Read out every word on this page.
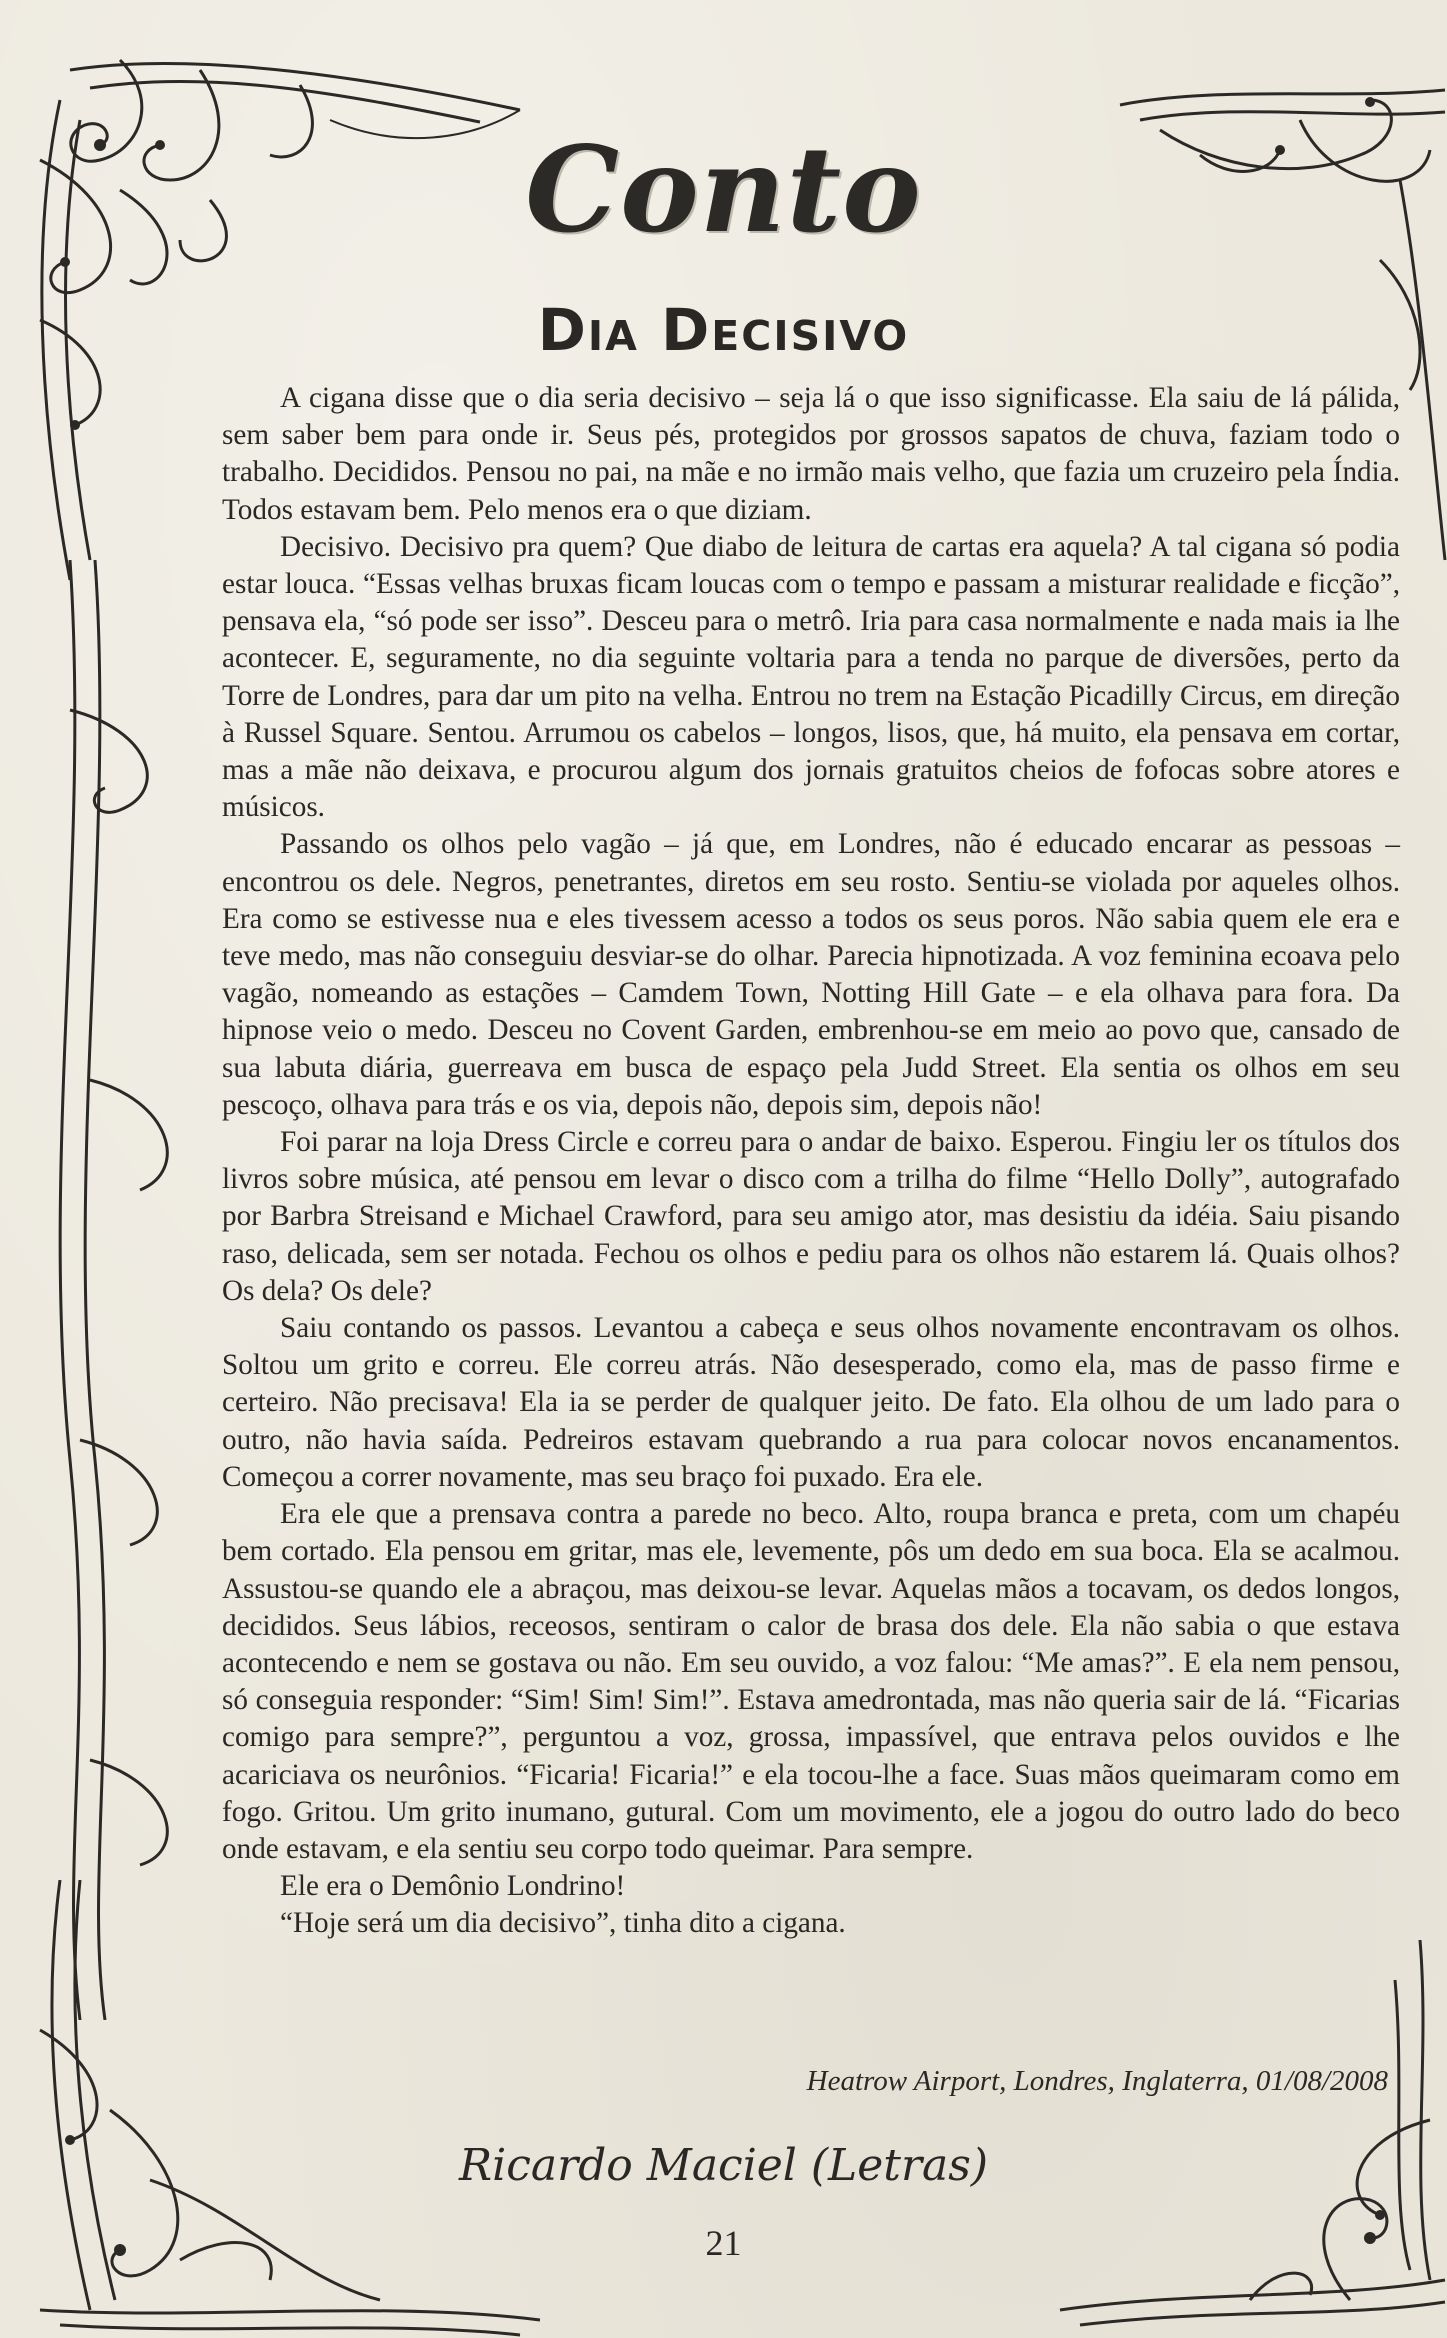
Conto
Dia Decisivo

A cigana disse que o dia seria decisivo – seja lá o que isso significasse. Ela saiu de lá pálida, sem saber bem para onde ir. Seus pés, protegidos por grossos sapatos de chuva, faziam todo o trabalho. Decididos. Pensou no pai, na mãe e no irmão mais velho, que fazia um cruzeiro pela Índia. Todos estavam bem. Pelo menos era o que diziam.

Decisivo. Decisivo pra quem? Que diabo de leitura de cartas era aquela? A tal cigana só podia estar louca. “Essas velhas bruxas ficam loucas com o tempo e passam a misturar realidade e ficção”, pensava ela, “só pode ser isso”. Desceu para o metrô. Iria para casa normalmente e nada mais ia lhe acontecer. E, seguramente, no dia seguinte voltaria para a tenda no parque de diversões, perto da Torre de Londres, para dar um pito na velha. Entrou no trem na Estação Picadilly Circus, em direção à Russel Square. Sentou. Arrumou os cabelos – longos, lisos, que, há muito, ela pensava em cortar, mas a mãe não deixava, e procurou algum dos jornais gratuitos cheios de fofocas sobre atores e músicos.

Passando os olhos pelo vagão – já que, em Londres, não é educado encarar as pessoas – encontrou os dele. Negros, penetrantes, diretos em seu rosto. Sentiu-se violada por aqueles olhos. Era como se estivesse nua e eles tivessem acesso a todos os seus poros. Não sabia quem ele era e teve medo, mas não conseguiu desviar-se do olhar. Parecia hipnotizada. A voz feminina ecoava pelo vagão, nomeando as estações – Camdem Town, Notting Hill Gate – e ela olhava para fora. Da hipnose veio o medo. Desceu no Covent Garden, embrenhou-se em meio ao povo que, cansado de sua labuta diária, guerreava em busca de espaço pela Judd Street. Ela sentia os olhos em seu pescoço, olhava para trás e os via, depois não, depois sim, depois não!

Foi parar na loja Dress Circle e correu para o andar de baixo. Esperou. Fingiu ler os títulos dos livros sobre música, até pensou em levar o disco com a trilha do filme “Hello Dolly”, autografado por Barbra Streisand e Michael Crawford, para seu amigo ator, mas desistiu da idéia. Saiu pisando raso, delicada, sem ser notada. Fechou os olhos e pediu para os olhos não estarem lá. Quais olhos? Os dela? Os dele?

Saiu contando os passos. Levantou a cabeça e seus olhos novamente encontravam os olhos. Soltou um grito e correu. Ele correu atrás. Não desesperado, como ela, mas de passo firme e certeiro. Não precisava! Ela ia se perder de qualquer jeito. De fato. Ela olhou de um lado para o outro, não havia saída. Pedreiros estavam quebrando a rua para colocar novos encanamentos. Começou a correr novamente, mas seu braço foi puxado. Era ele.

Era ele que a prensava contra a parede no beco. Alto, roupa branca e preta, com um chapéu bem cortado. Ela pensou em gritar, mas ele, levemente, pôs um dedo em sua boca. Ela se acalmou. Assustou-se quando ele a abraçou, mas deixou-se levar. Aquelas mãos a tocavam, os dedos longos, decididos. Seus lábios, receosos, sentiram o calor de brasa dos dele. Ela não sabia o que estava acontecendo e nem se gostava ou não. Em seu ouvido, a voz falou: “Me amas?”. E ela nem pensou, só conseguia responder: “Sim! Sim! Sim!”. Estava amedrontada, mas não queria sair de lá. “Ficarias comigo para sempre?”, perguntou a voz, grossa, impassível, que entrava pelos ouvidos e lhe acariciava os neurônios. “Ficaria! Ficaria!” e ela tocou-lhe a face. Suas mãos queimaram como em fogo. Gritou. Um grito inumano, gutural. Com um movimento, ele a jogou do outro lado do beco onde estavam, e ela sentiu seu corpo todo queimar. Para sempre.

Ele era o Demônio Londrino!

“Hoje será um dia decisivo”, tinha dito a cigana.

Heatrow Airport, Londres, Inglaterra, 01/08/2008
Ricardo Maciel (Letras)
21
